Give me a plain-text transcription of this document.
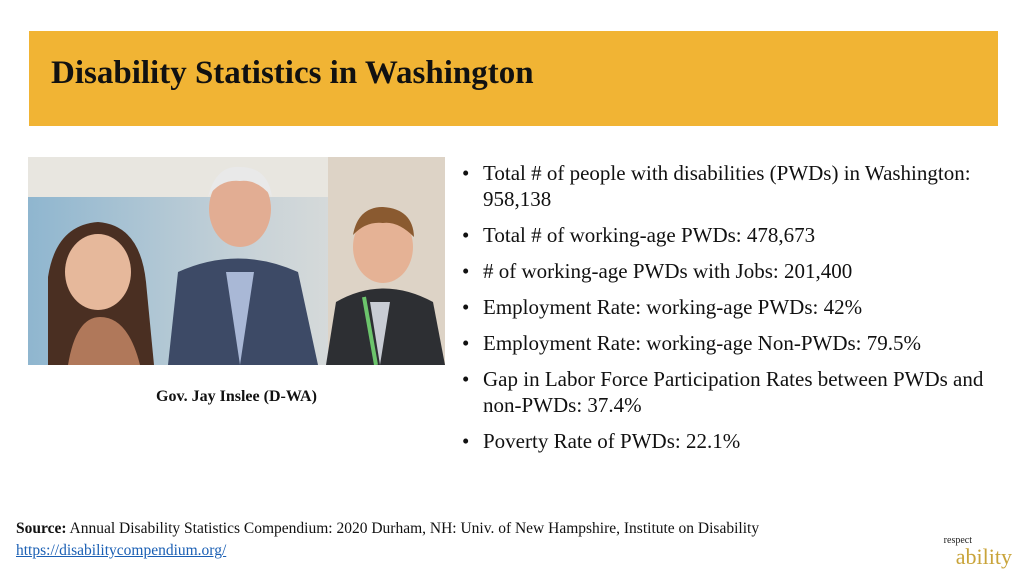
Disability Statistics in Washington
Gov. Jay Inslee (D-WA)
• Total # of people with disabilities (PWDs) in Washington: 958,138
• Total # of working-age PWDs: 478,673
• # of working-age PWDs with Jobs: 201,400
• Employment Rate: working-age PWDs: 42%
• Employment Rate: working-age Non-PWDs: 79.5%
• Gap in Labor Force Participation Rates between PWDs and non-PWDs: 37.4%
• Poverty Rate of PWDs: 22.1%
Source: Annual Disability Statistics Compendium: 2020 Durham, NH: Univ. of New Hampshire, Institute on Disability
https://disabilitycompendium.org/
respect
ability
